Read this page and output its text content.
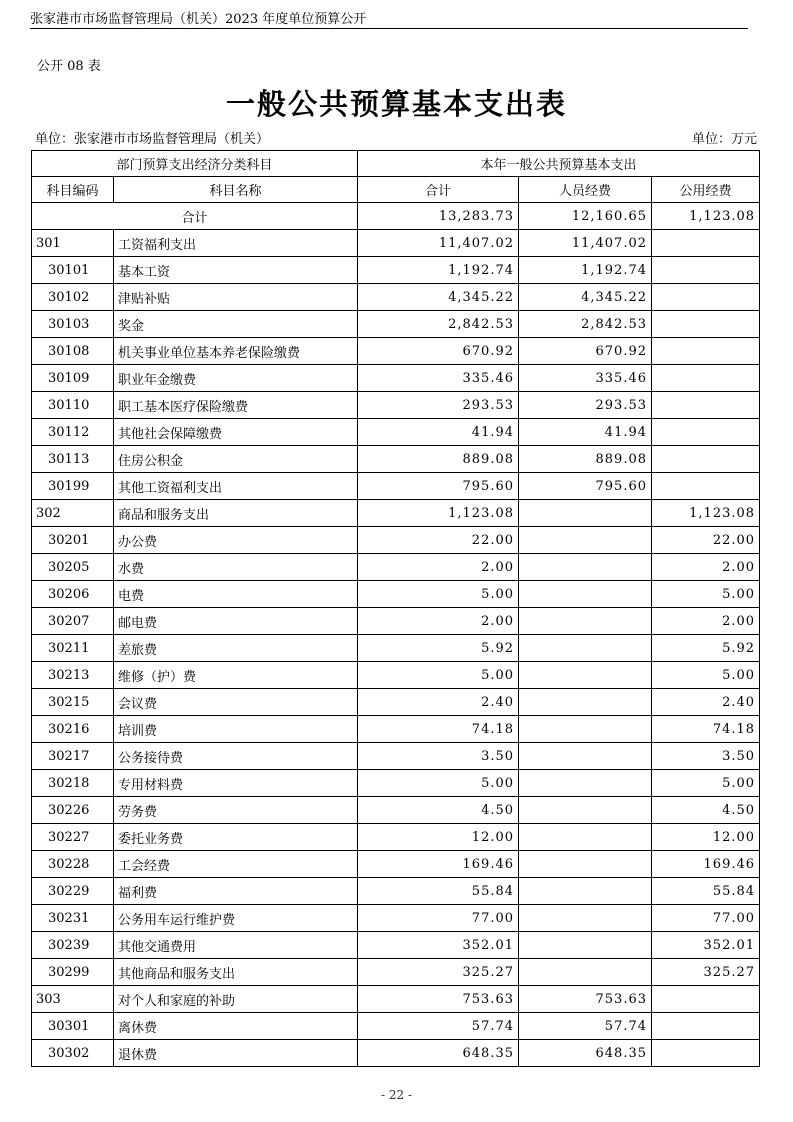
张家港市市场监督管理局（机关）2023 年度单位预算公开
公开 08 表
一般公共预算基本支出表
单位：张家港市市场监督管理局（机关）	单位：万元
部门预算支出经济分类科目		本年一般公共预算基本支出		
科目编码	科目名称	合计	人员经费	公用经费
合计		13,283.73	12,160.65	1,123.08
301	工资福利支出	11,407.02	11,407.02	
30101	基本工资	1,192.74	1,192.74	
30102	津贴补贴	4,345.22	4,345.22	
30103	奖金	2,842.53	2,842.53	
30108	机关事业单位基本养老保险缴费	670.92	670.92	
30109	职业年金缴费	335.46	335.46	
30110	职工基本医疗保险缴费	293.53	293.53	
30112	其他社会保障缴费	41.94	41.94	
30113	住房公积金	889.08	889.08	
30199	其他工资福利支出	795.60	795.60	
302	商品和服务支出	1,123.08		1,123.08
30201	办公费	22.00		22.00
30205	水费	2.00		2.00
30206	电费	5.00		5.00
30207	邮电费	2.00		2.00
30211	差旅费	5.92		5.92
30213	维修（护）费	5.00		5.00
30215	会议费	2.40		2.40
30216	培训费	74.18		74.18
30217	公务接待费	3.50		3.50
30218	专用材料费	5.00		5.00
30226	劳务费	4.50		4.50
30227	委托业务费	12.00		12.00
30228	工会经费	169.46		169.46
30229	福利费	55.84		55.84
30231	公务用车运行维护费	77.00		77.00
30239	其他交通费用	352.01		352.01
30299	其他商品和服务支出	325.27		325.27
303	对个人和家庭的补助	753.63	753.63	
30301	离休费	57.74	57.74	
30302	退休费	648.35	648.35	
- 22 -
